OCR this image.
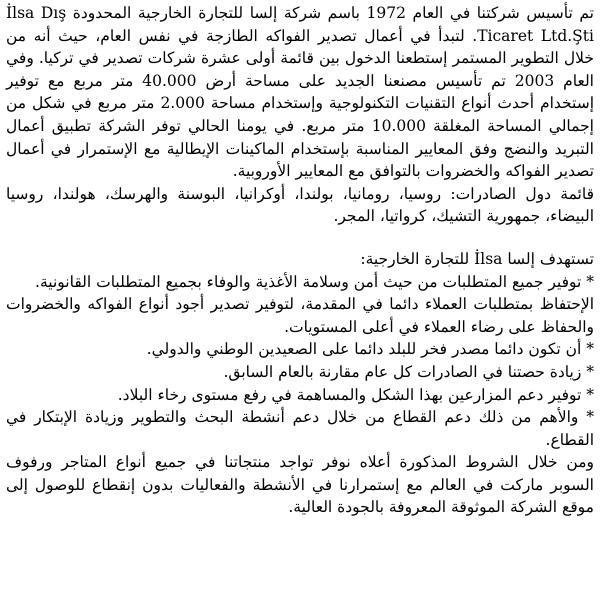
تم تأسيس شركتنا في العام 1972 باسم شركة إلسا للتجارة الخارجية المحدودة İlsa Dış Ticaret Ltd.Şti. لتبدأ في أعمال تصدير الفواكه الطازجة في نفس العام، حيث أنه من خلال التطوير المستمر إستطعنا الدخول بين قائمة أولى عشرة شركات تصدير في تركيا. وفي العام 2003 تم تأسيس مصنعنا الجديد على مساحة أرض 40.000 متر مربع مع توفير إستخدام أحدث أنواع التقنيات التكنولوجية وإستخدام مساحة 2.000 متر مربع في شكل من إجمالي المساحة المغلقة 10.000 متر مربع. في يومنا الحالي توفر الشركة تطبيق أعمال التبريد والنضج وفق المعايير المناسبة بإستخدام الماكينات الإيطالية مع الإستمرار في أعمال تصدير الفواكه والخضروات بالتوافق مع المعايير الأوروبية.

قائمة دول الصادرات: روسيا، رومانيا، بولندا، أوكرانيا، البوسنة والهرسك، هولندا، روسيا البيضاء، جمهورية التشيك، كرواتيا، المجر.

تستهدف إلسا İlsa للتجارة الخارجية:

* توفير جميع المتطلبات من حيث أمن وسلامة الأغذية والوفاء بجميع المتطلبات القانونية.

الإحتفاظ بمتطلبات العملاء دائما في المقدمة، لتوفير تصدير أجود أنواع الفواكه والخضروات والحفاظ على رضاء العملاء في أعلى المستويات.

* أن تكون دائما مصدر فخر للبلد دائما على الصعيدين الوطني والدولي.

* زيادة حصتنا في الصادرات كل عام مقارنة بالعام السابق.

* توفير دعم المزارعين بهذا الشكل والمساهمة في رفع مستوى رخاء البلاد.

* والأهم من ذلك دعم القطاع من خلال دعم أنشطة البحث والتطوير وزيادة الإبتكار في القطاع.

ومن خلال الشروط المذكورة أعلاه نوفر تواجد منتجاتنا في جميع أنواع المتاجر ورفوف السوبر ماركت في العالم مع إستمرارنا في الأنشطة والفعاليات بدون إنقطاع للوصول إلى موقع الشركة الموثوقة المعروفة بالجودة العالية.
